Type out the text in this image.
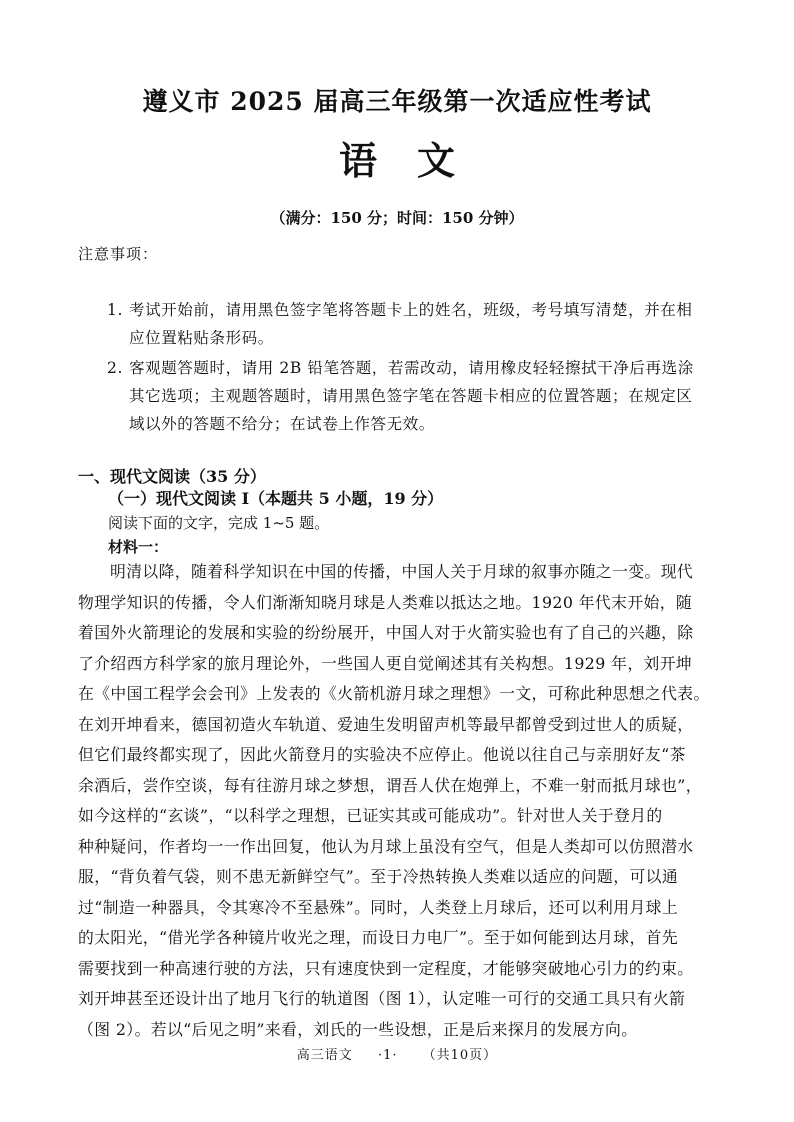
遵义市 2025 届高三年级第一次适应性考试
语文
（满分：150 分；时间：150 分钟）
注意事项：
1. 考试开始前，请用黑色签字笔将答题卡上的姓名，班级，考号填写清楚，并在相
应位置粘贴条形码。
2. 客观题答题时，请用 2B 铅笔答题，若需改动，请用橡皮轻轻擦拭干净后再选涂
其它选项；主观题答题时，请用黑色签字笔在答题卡相应的位置答题；在规定区
域以外的答题不给分；在试卷上作答无效。
一、现代文阅读（35 分）
（一）现代文阅读 I（本题共 5 小题，19 分）
阅读下面的文字，完成 1~5 题。
材料一：
明清以降，随着科学知识在中国的传播，中国人关于月球的叙事亦随之一变。现代
物理学知识的传播，令人们渐渐知晓月球是人类难以抵达之地。1920 年代末开始，随
着国外火箭理论的发展和实验的纷纷展开，中国人对于火箭实验也有了自己的兴趣，除
了介绍西方科学家的旅月理论外，一些国人更自觉阐述其有关构想。1929 年，刘开坤
在《中国工程学会会刊》上发表的《火箭机游月球之理想》一文，可称此种思想之代表。
在刘开坤看来，德国初造火车轨道、爱迪生发明留声机等最早都曾受到过世人的质疑，
但它们最终都实现了，因此火箭登月的实验决不应停止。他说以往自己与亲朋好友“茶
余酒后，尝作空谈，每有往游月球之梦想，谓吾人伏在炮弹上，不难一射而抵月球也”，
如今这样的“玄谈”，“以科学之理想，已证实其或可能成功”。针对世人关于登月的
种种疑问，作者均一一作出回复，他认为月球上虽没有空气，但是人类却可以仿照潜水
服，“背负着气袋，则不患无新鲜空气”。至于冷热转换人类难以适应的问题，可以通
过“制造一种器具，令其寒冷不至悬殊”。同时，人类登上月球后，还可以利用月球上
的太阳光，“借光学各种镜片收光之理，而设日力电厂”。至于如何能到达月球，首先
需要找到一种高速行驶的方法，只有速度快到一定程度，才能够突破地心引力的约束。
刘开坤甚至还设计出了地月飞行的轨道图（图 1），认定唯一可行的交通工具只有火箭
（图 2）。若以“后见之明”来看，刘氏的一些设想，正是后来探月的发展方向。
高三语文 ·1· （共10页）
